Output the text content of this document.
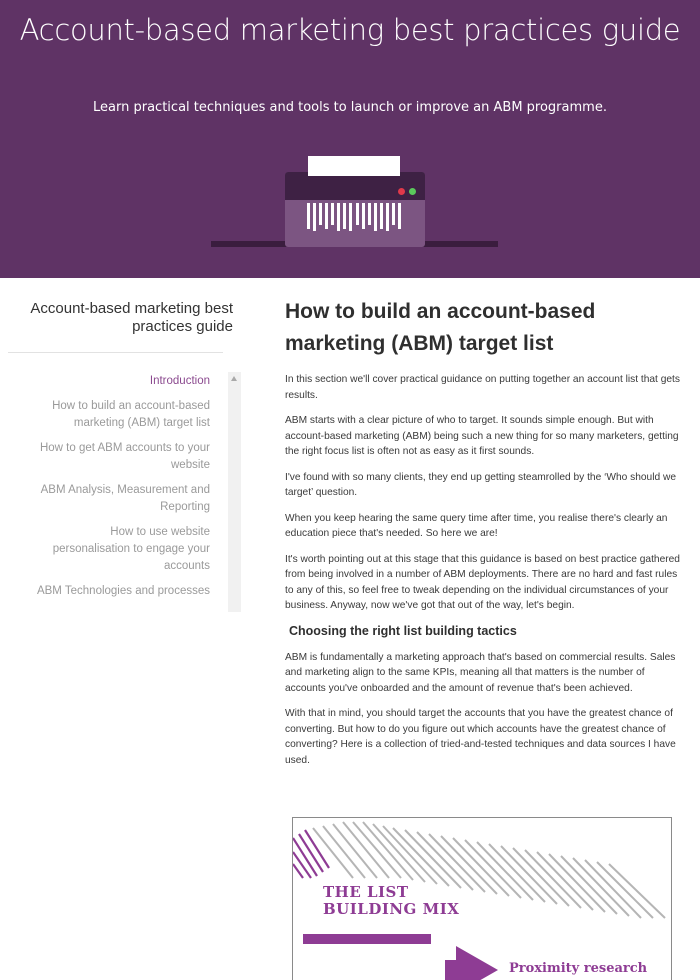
Account-based marketing best practices guide

Learn practical techniques and tools to launch or improve an ABM programme.

Account-based marketing best practices guide
Introduction
How to build an account-based marketing (ABM) target list
How to get ABM accounts to your website
ABM Analysis, Measurement and Reporting
How to use website personalisation to engage your accounts
ABM Technologies and processes
How to build an account-based marketing (ABM) target list

In this section we'll cover practical guidance on putting together an account list that gets results.

ABM starts with a clear picture of who to target. It sounds simple enough. But with account-based marketing (ABM) being such a new thing for so many marketers, getting the right focus list is often not as easy as it first sounds.

I've found with so many clients, they end up getting steamrolled by the ‘Who should we target’ question.

When you keep hearing the same query time after time, you realise there's clearly an education piece that's needed. So here we are!

It's worth pointing out at this stage that this guidance is based on best practice gathered from being involved in a number of ABM deployments. There are no hard and fast rules to any of this, so feel free to tweak depending on the individual circumstances of your business. Anyway, now we've got that out of the way, let's begin.

Choosing the right list building tactics

ABM is fundamentally a marketing approach that's based on commercial results. Sales and marketing align to the same KPIs, meaning all that matters is the number of accounts you've onboarded and the amount of revenue that's been achieved.

With that in mind, you should target the accounts that you have the greatest chance of converting. But how to do you figure out which accounts have the greatest chance of converting? Here is a collection of tried-and-tested techniques and data sources I have used.

THE LIST
BUILDING MIX
Proximity research
